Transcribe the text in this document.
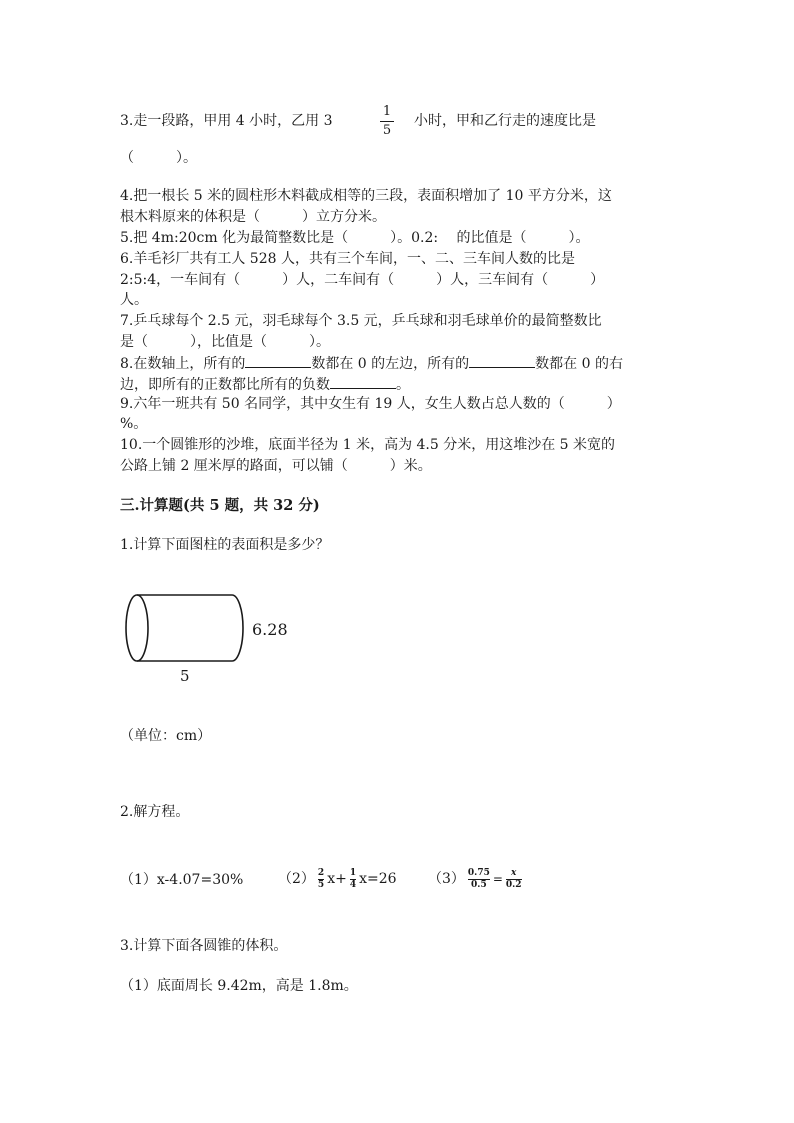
3.走一段路，甲用 4 小时，乙用 3
1
5
小时，甲和乙行走的速度比是
（　　　）。
4.把一根长 5 米的圆柱形木料截成相等的三段，表面积增加了 10 平方分米，这
根木料原来的体积是（　　　）立方分米。
5.把 4m:20cm 化为最简整数比是（　　　）。0.2:　 的比值是（　　　）。
6.羊毛衫厂共有工人 528 人，共有三个车间，一、二、三车间人数的比是
2:5:4，一车间有（　　　）人，二车间有（　　　）人，三车间有（　　　）
人。
7.乒乓球每个 2.5 元，羽毛球每个 3.5 元，乒乓球和羽毛球单价的最简整数比
是（　　　），比值是（　　　）。
8.在数轴上，所有的	数都在 0 的左边，所有的	数都在 0 的右
边，即所有的正数都比所有的负数	。
9.六年一班共有 50 名同学，其中女生有 19 人，女生人数占总人数的（　　　）
%。
10.一个圆锥形的沙堆，底面半径为 1 米，高为 4.5 分米，用这堆沙在 5 米宽的
公路上铺 2 厘米厚的路面，可以铺（　　　）米。
三.计算题(共 5 题，共 32 分)
1.计算下面图柱的表面积是多少？
6.28
5
（单位：cm）
2.解方程。
（1）x-4.07=30% $(2) \frac{2}{5} x+ \frac{1}{4} x=26$ $(3) \frac{0.75}{0.5} = \frac{x}{0.2}$
3.计算下面各圆锥的体积。
（1）底面周长 9.42m，高是 1.8m。
